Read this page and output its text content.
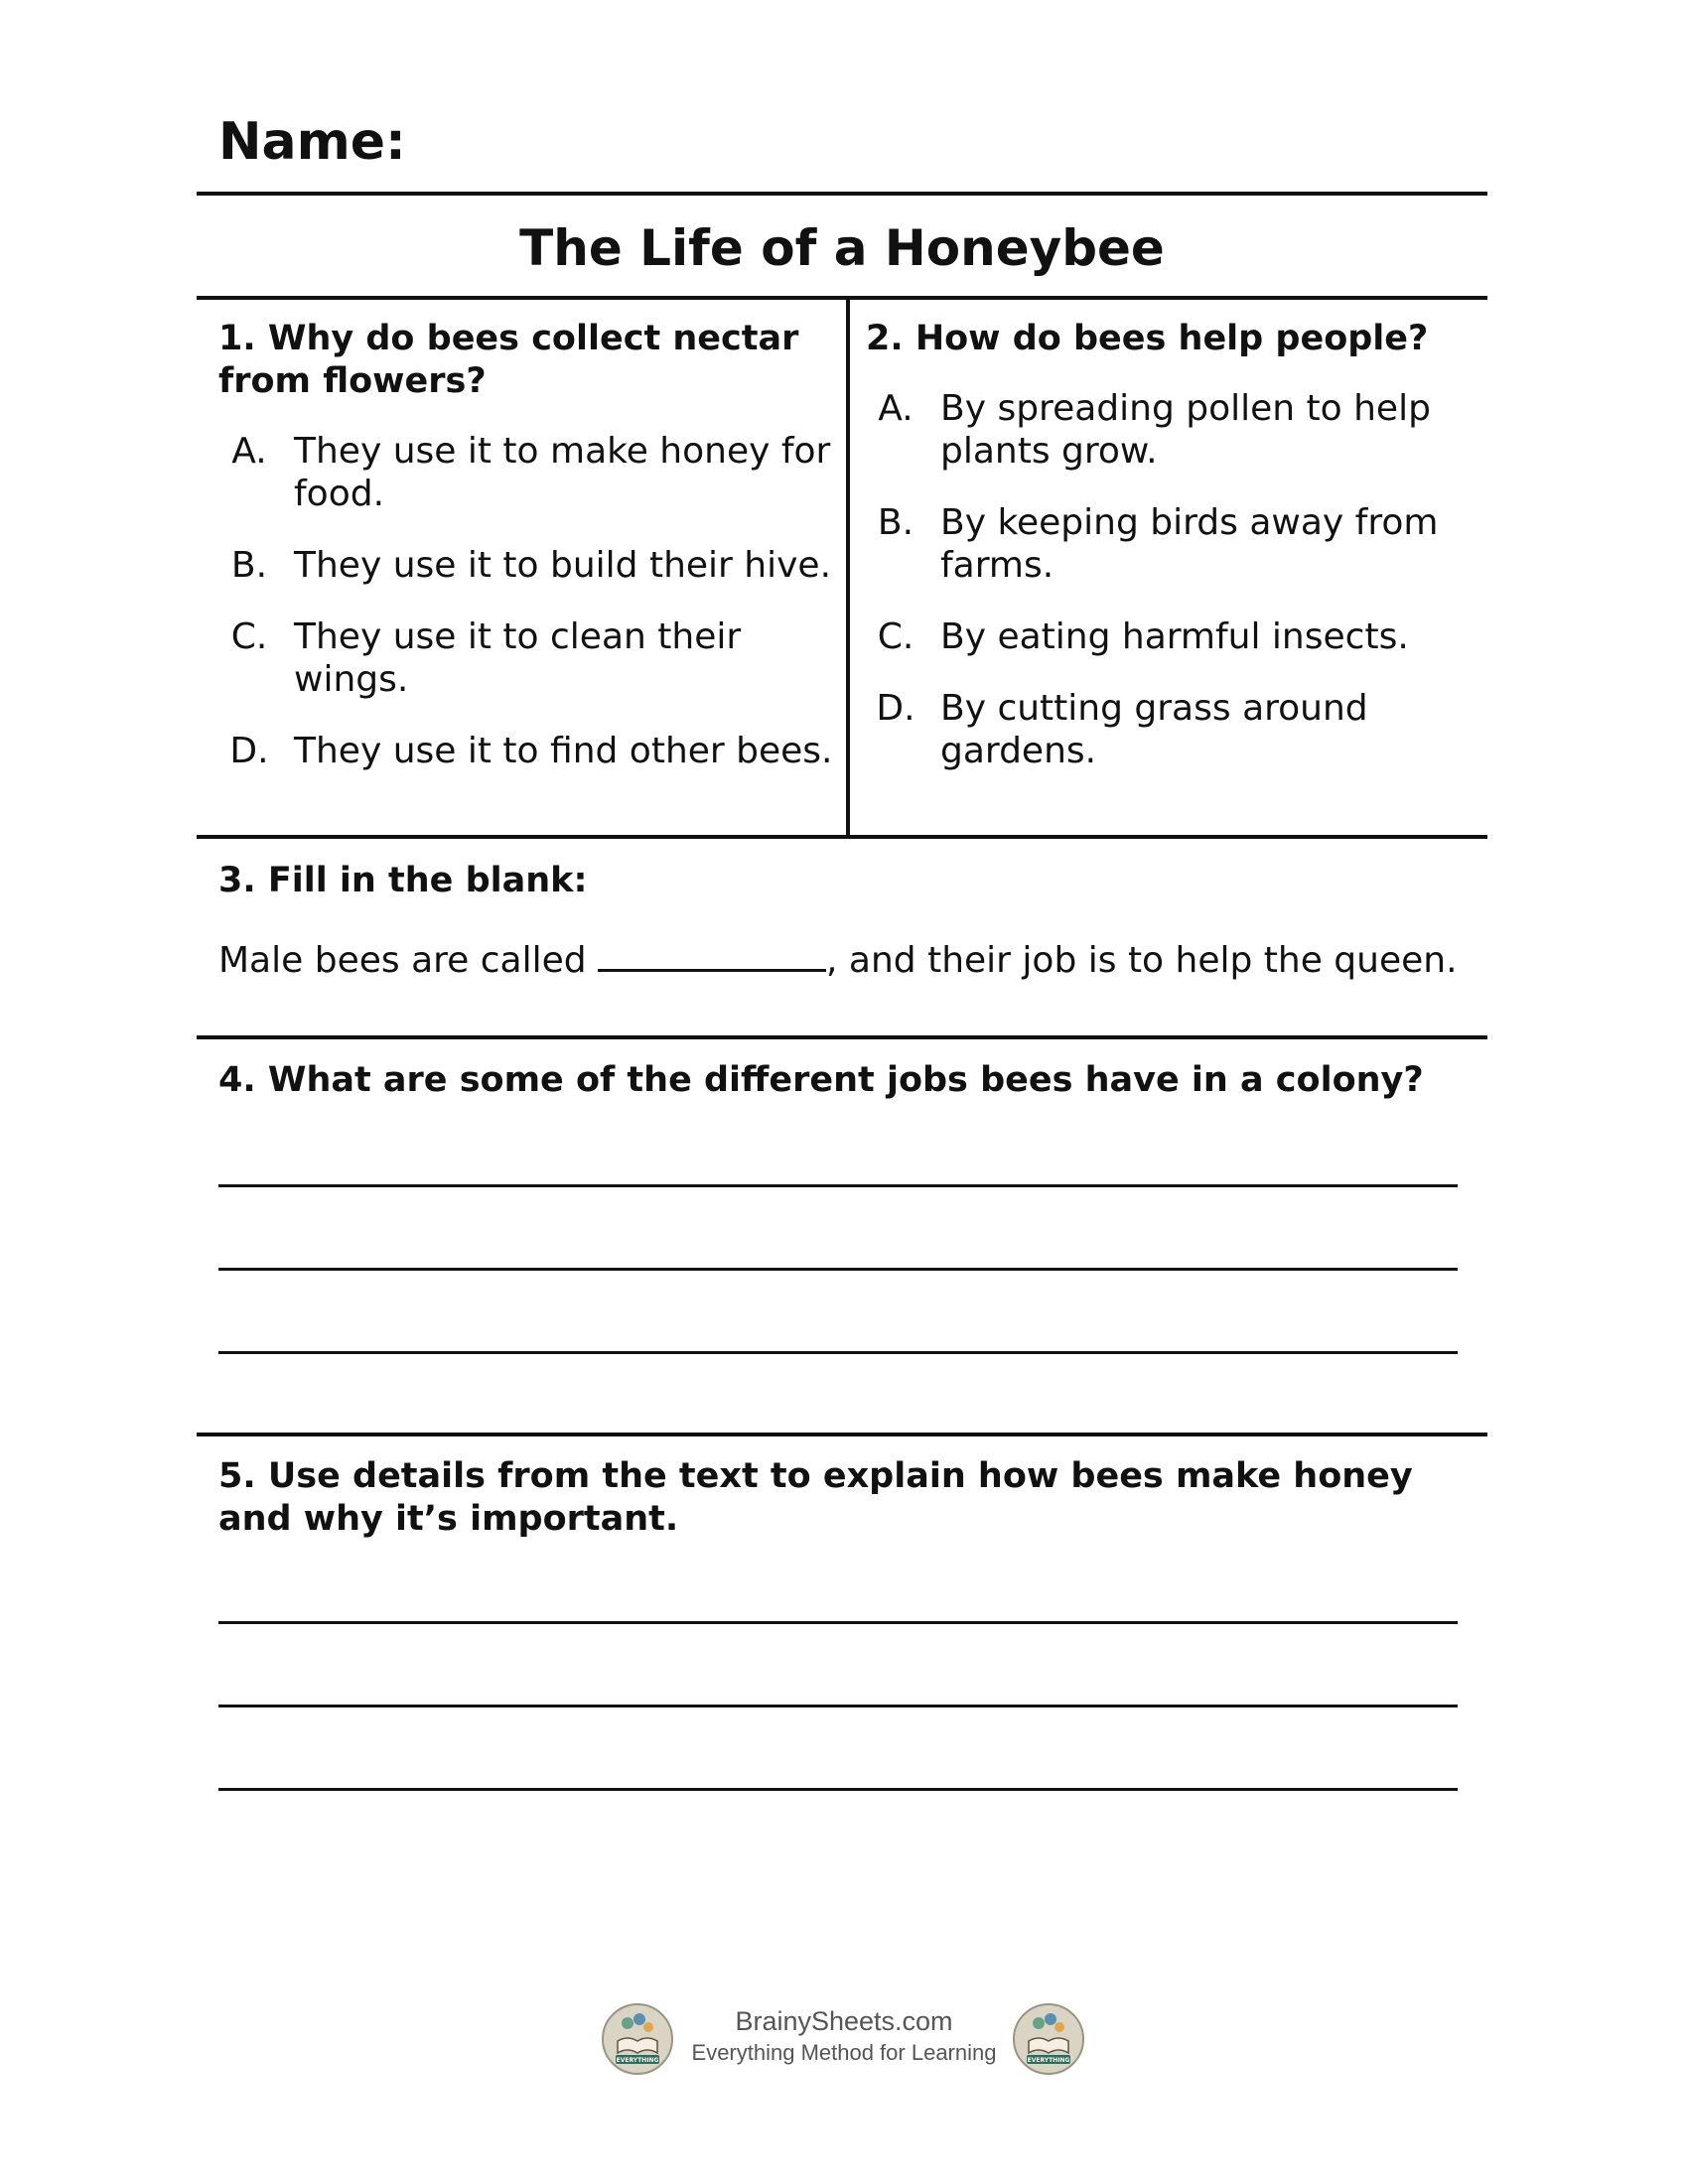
Name:
The Life of a Honeybee
1. Why do bees collect nectar from flowers?
A. They use it to make honey for food.
B. They use it to build their hive.
C. They use it to clean their wings.
D. They use it to find other bees.
2. How do bees help people?
A. By spreading pollen to help plants grow.
B. By keeping birds away from farms.
C. By eating harmful insects.
D. By cutting grass around gardens.
3. Fill in the blank:
Male bees are called	, and their job is to help the queen.
4. What are some of the different jobs bees have in a colony?
5. Use details from the text to explain how bees make honey and why it’s important.
EVERYTHING
BrainySheets.com
Everything Method for Learning	EVERYTHING
